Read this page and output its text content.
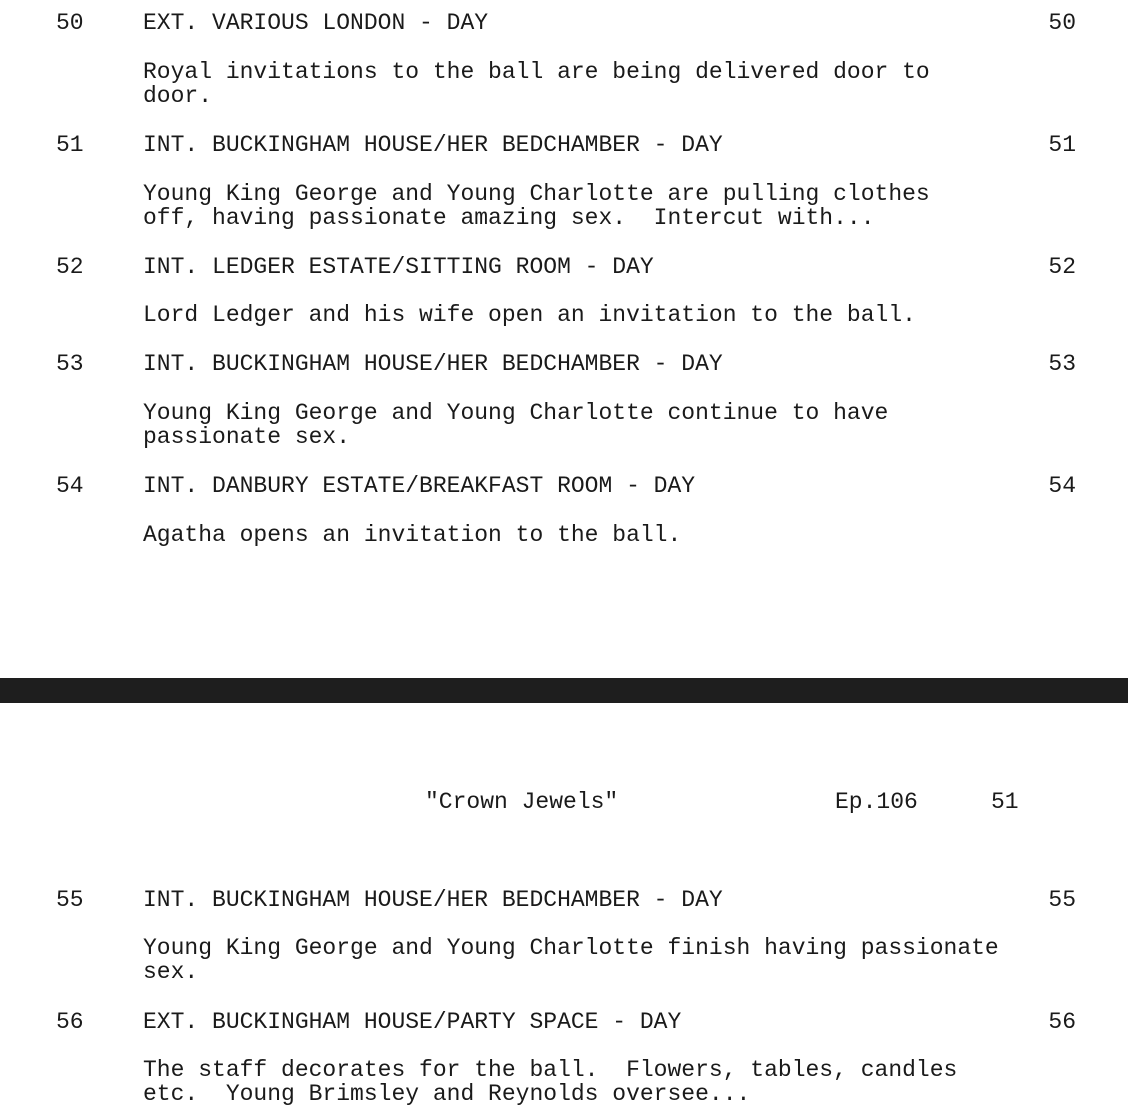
50	EXT. VARIOUS LONDON - DAY	50
Royal invitations to the ball are being delivered door to
door.
51	INT. BUCKINGHAM HOUSE/HER BEDCHAMBER - DAY	51
Young King George and Young Charlotte are pulling clothes
off, having passionate amazing sex.  Intercut with...
52	INT. LEDGER ESTATE/SITTING ROOM - DAY	52
Lord Ledger and his wife open an invitation to the ball.
53	INT. BUCKINGHAM HOUSE/HER BEDCHAMBER - DAY	53
Young King George and Young Charlotte continue to have
passionate sex.
54	INT. DANBURY ESTATE/BREAKFAST ROOM - DAY	54
Agatha opens an invitation to the ball.
"Crown Jewels"	Ep.106	51
55	INT. BUCKINGHAM HOUSE/HER BEDCHAMBER - DAY	55
Young King George and Young Charlotte finish having passionate
sex.
56	EXT. BUCKINGHAM HOUSE/PARTY SPACE - DAY	56
The staff decorates for the ball.  Flowers, tables, candles
etc.  Young Brimsley and Reynolds oversee...
